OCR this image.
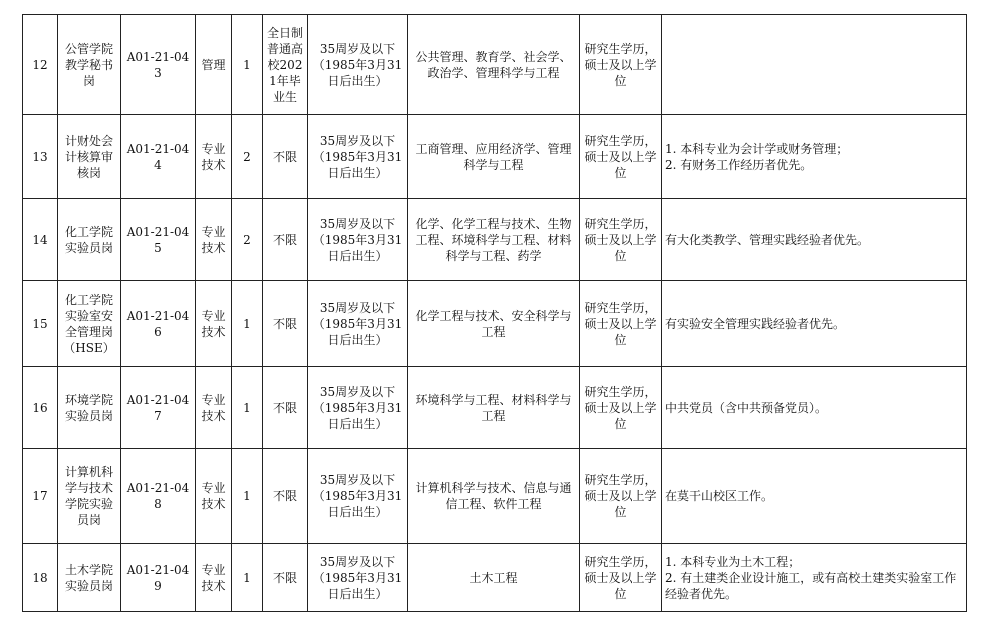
12	公管学院教学秘书岗	A01-21-043	管理	1	全日制普通高校2021年毕业生	35周岁及以下（1985年3月31日后出生）	公共管理、教育学、社会学、政治学、管理科学与工程	研究生学历，硕士及以上学位	
13	计财处会计核算审核岗	A01-21-044	专业技术	2	不限	35周岁及以下（1985年3月31日后出生）	工商管理、应用经济学、管理科学与工程	研究生学历，硕士及以上学位	1. 本科专业为会计学或财务管理；
2. 有财务工作经历者优先。

14	化工学院实验员岗	A01-21-045	专业技术	2	不限	35周岁及以下（1985年3月31日后出生）	化学、化学工程与技术、生物工程、环境科学与工程、材料科学与工程、药学	研究生学历，硕士及以上学位	有大化类教学、管理实践经验者优先。

15	化工学院实验室安全管理岗（HSE）	A01-21-046	专业技术	1	不限	35周岁及以下（1985年3月31日后出生）	化学工程与技术、安全科学与工程	研究生学历，硕士及以上学位	有实验安全管理实践经验者优先。

16	环境学院实验员岗	A01-21-047	专业技术	1	不限	35周岁及以下（1985年3月31日后出生）	环境科学与工程、材料科学与工程	研究生学历，硕士及以上学位	中共党员（含中共预备党员）。

17	计算机科学与技术学院实验员岗	A01-21-048	专业技术	1	不限	35周岁及以下（1985年3月31日后出生）	计算机科学与技术、信息与通信工程、软件工程	研究生学历，硕士及以上学位	在莫干山校区工作。

18	土木学院实验员岗	A01-21-049	专业技术	1	不限	35周岁及以下（1985年3月31日后出生）	土木工程	研究生学历，硕士及以上学位	1. 本科专业为土木工程；
2. 有土建类企业设计施工，或有高校土建类实验室工作经验者优先。
